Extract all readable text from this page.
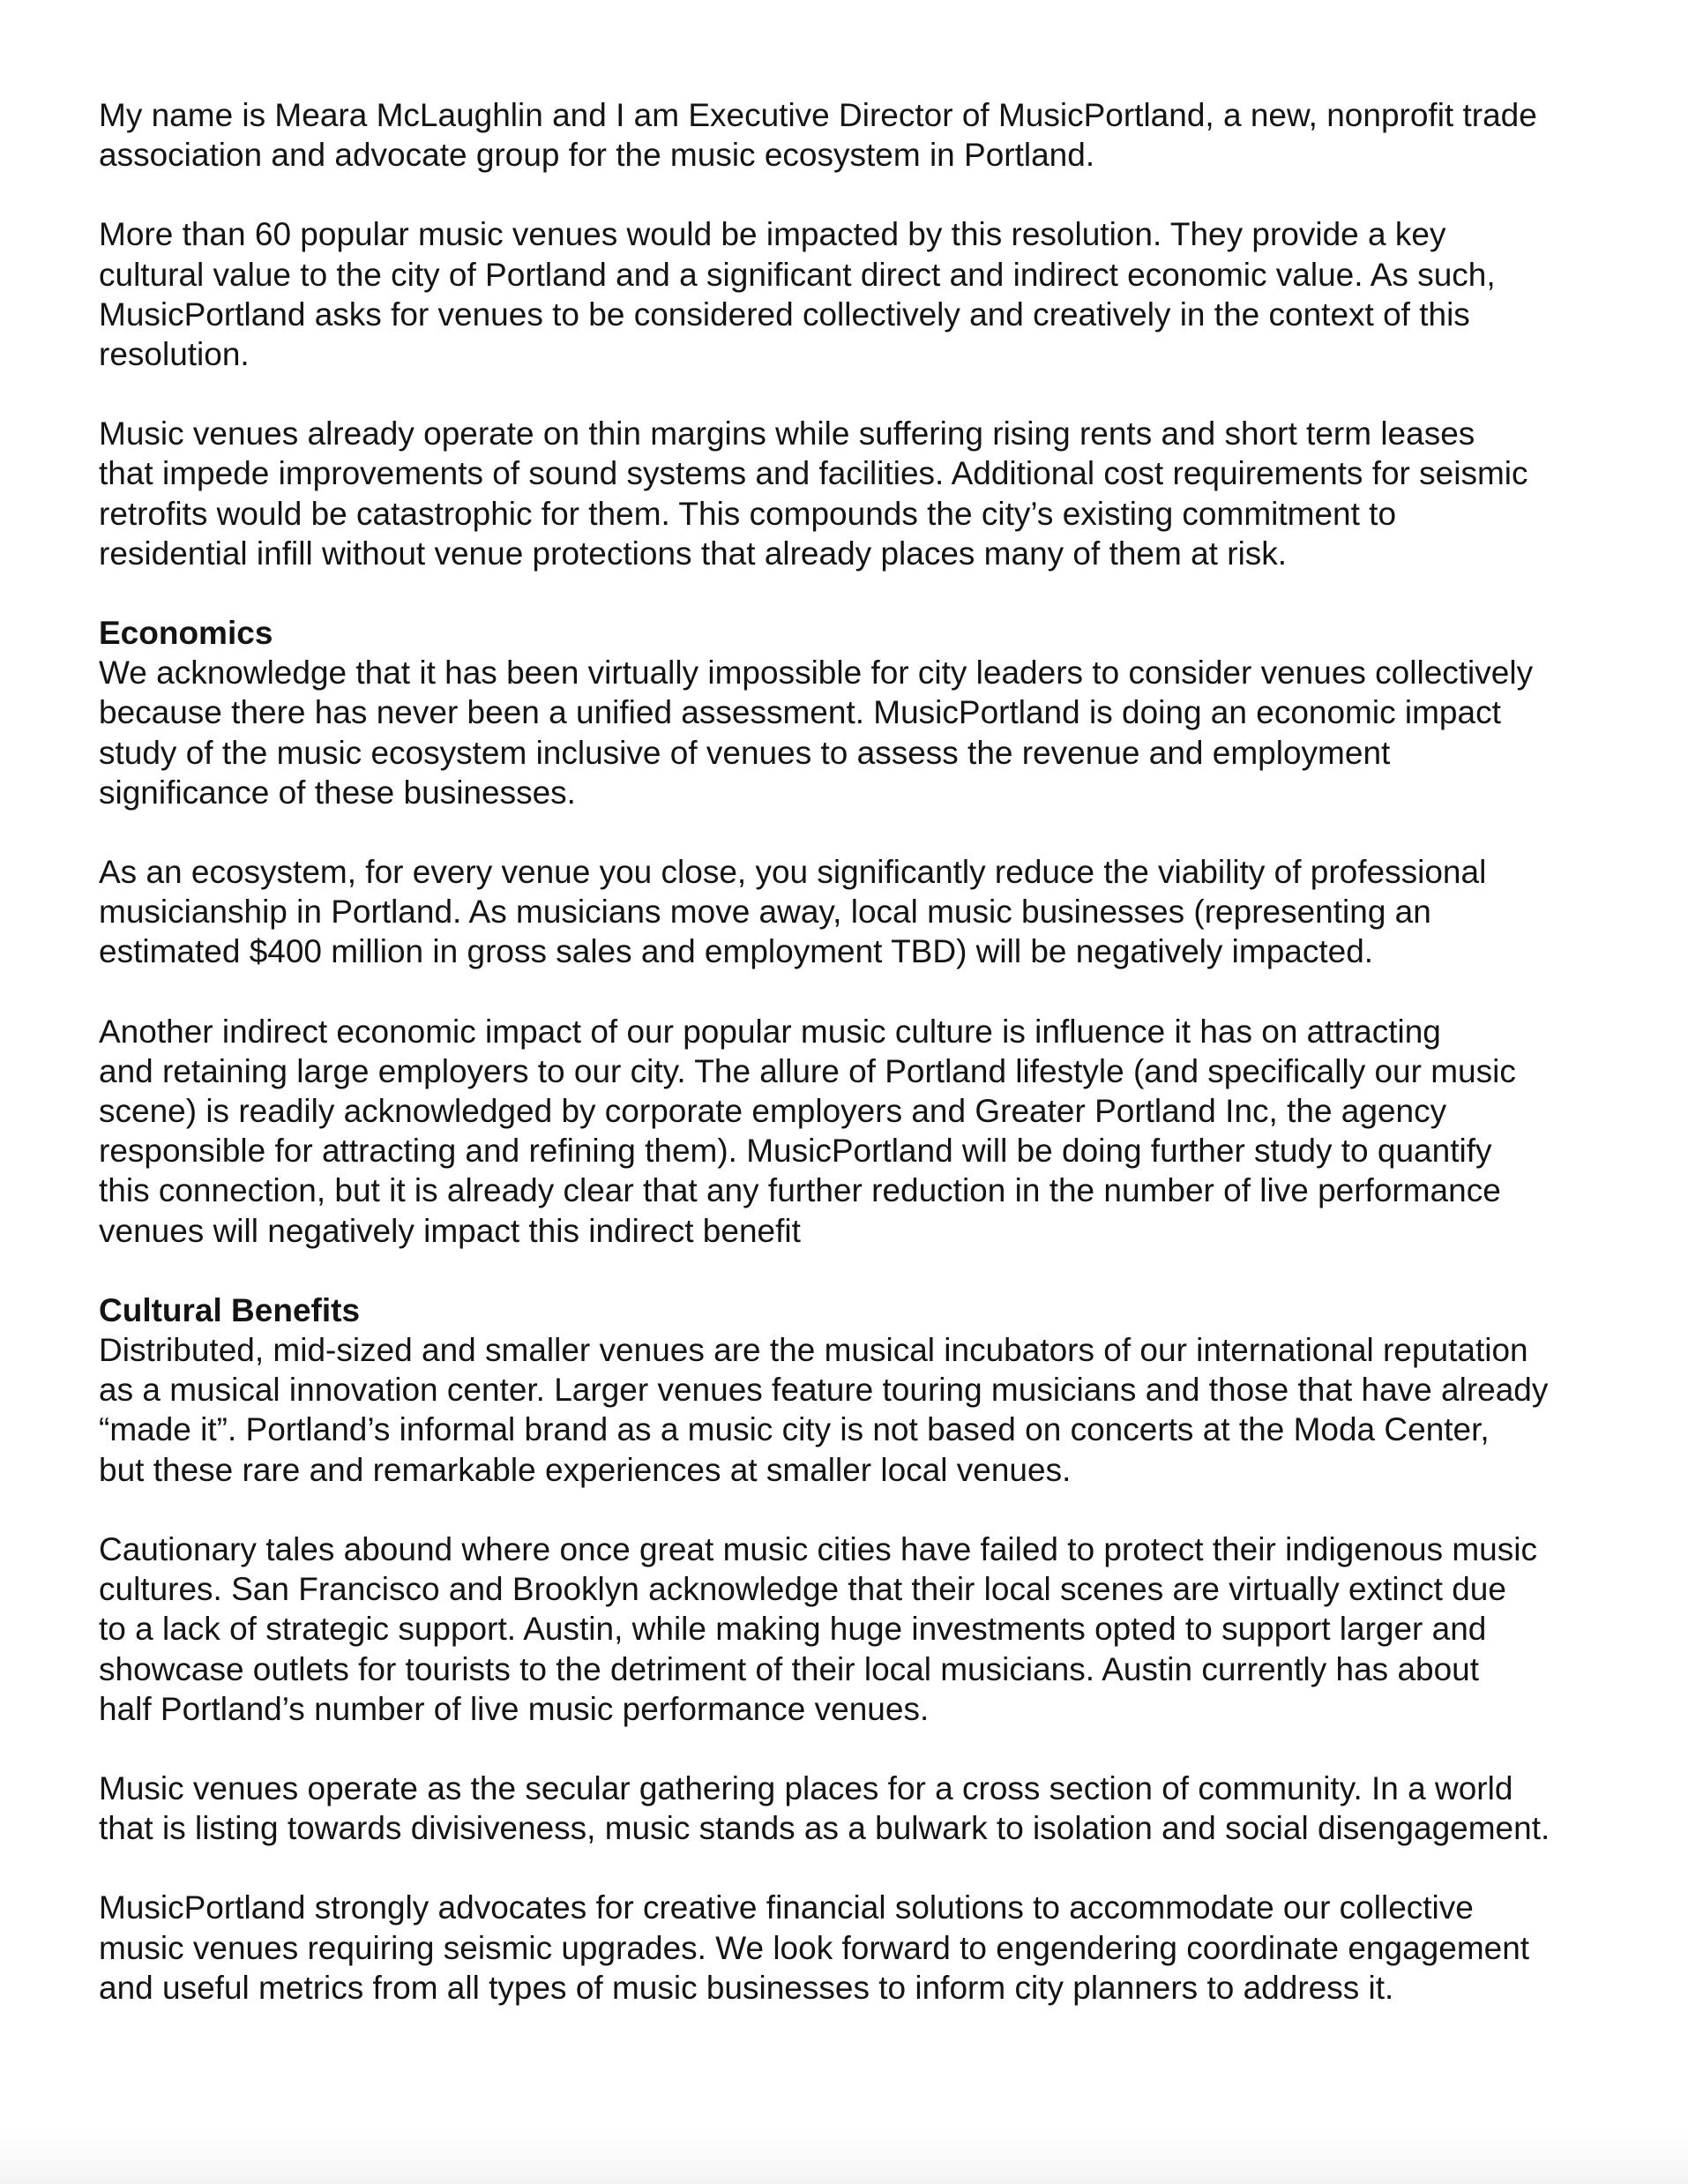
My name is Meara McLaughlin and I am Executive Director of MusicPortland, a new, nonprofit trade
association and advocate group for the music ecosystem in Portland.
More than 60 popular music venues would be impacted by this resolution. They provide a key
cultural value to the city of Portland and a significant direct and indirect economic value. As such,
MusicPortland asks for venues to be considered collectively and creatively in the context of this
resolution.
Music venues already operate on thin margins while suffering rising rents and short term leases
that impede improvements of sound systems and facilities. Additional cost requirements for seismic
retrofits would be catastrophic for them. This compounds the city’s existing commitment to
residential infill without venue protections that already places many of them at risk.
Economics
We acknowledge that it has been virtually impossible for city leaders to consider venues collectively
because there has never been a unified assessment. MusicPortland is doing an economic impact
study of the music ecosystem inclusive of venues to assess the revenue and employment
significance of these businesses.
As an ecosystem, for every venue you close, you significantly reduce the viability of professional
musicianship in Portland. As musicians move away, local music businesses (representing an
estimated $400 million in gross sales and employment TBD) will be negatively impacted.
Another indirect economic impact of our popular music culture is influence it has on attracting
and retaining large employers to our city. The allure of Portland lifestyle (and specifically our music
scene) is readily acknowledged by corporate employers and Greater Portland Inc, the agency
responsible for attracting and refining them). MusicPortland will be doing further study to quantify
this connection, but it is already clear that any further reduction in the number of live performance
venues will negatively impact this indirect benefit
Cultural Benefits
Distributed, mid-sized and smaller venues are the musical incubators of our international reputation
as a musical innovation center. Larger venues feature touring musicians and those that have already
“made it”. Portland’s informal brand as a music city is not based on concerts at the Moda Center,
but these rare and remarkable experiences at smaller local venues.
Cautionary tales abound where once great music cities have failed to protect their indigenous music
cultures. San Francisco and Brooklyn acknowledge that their local scenes are virtually extinct due
to a lack of strategic support. Austin, while making huge investments opted to support larger and
showcase outlets for tourists to the detriment of their local musicians. Austin currently has about
half Portland’s number of live music performance venues.
Music venues operate as the secular gathering places for a cross section of community. In a world
that is listing towards divisiveness, music stands as a bulwark to isolation and social disengagement.
MusicPortland strongly advocates for creative financial solutions to accommodate our collective
music venues requiring seismic upgrades. We look forward to engendering coordinate engagement
and useful metrics from all types of music businesses to inform city planners to address it.
